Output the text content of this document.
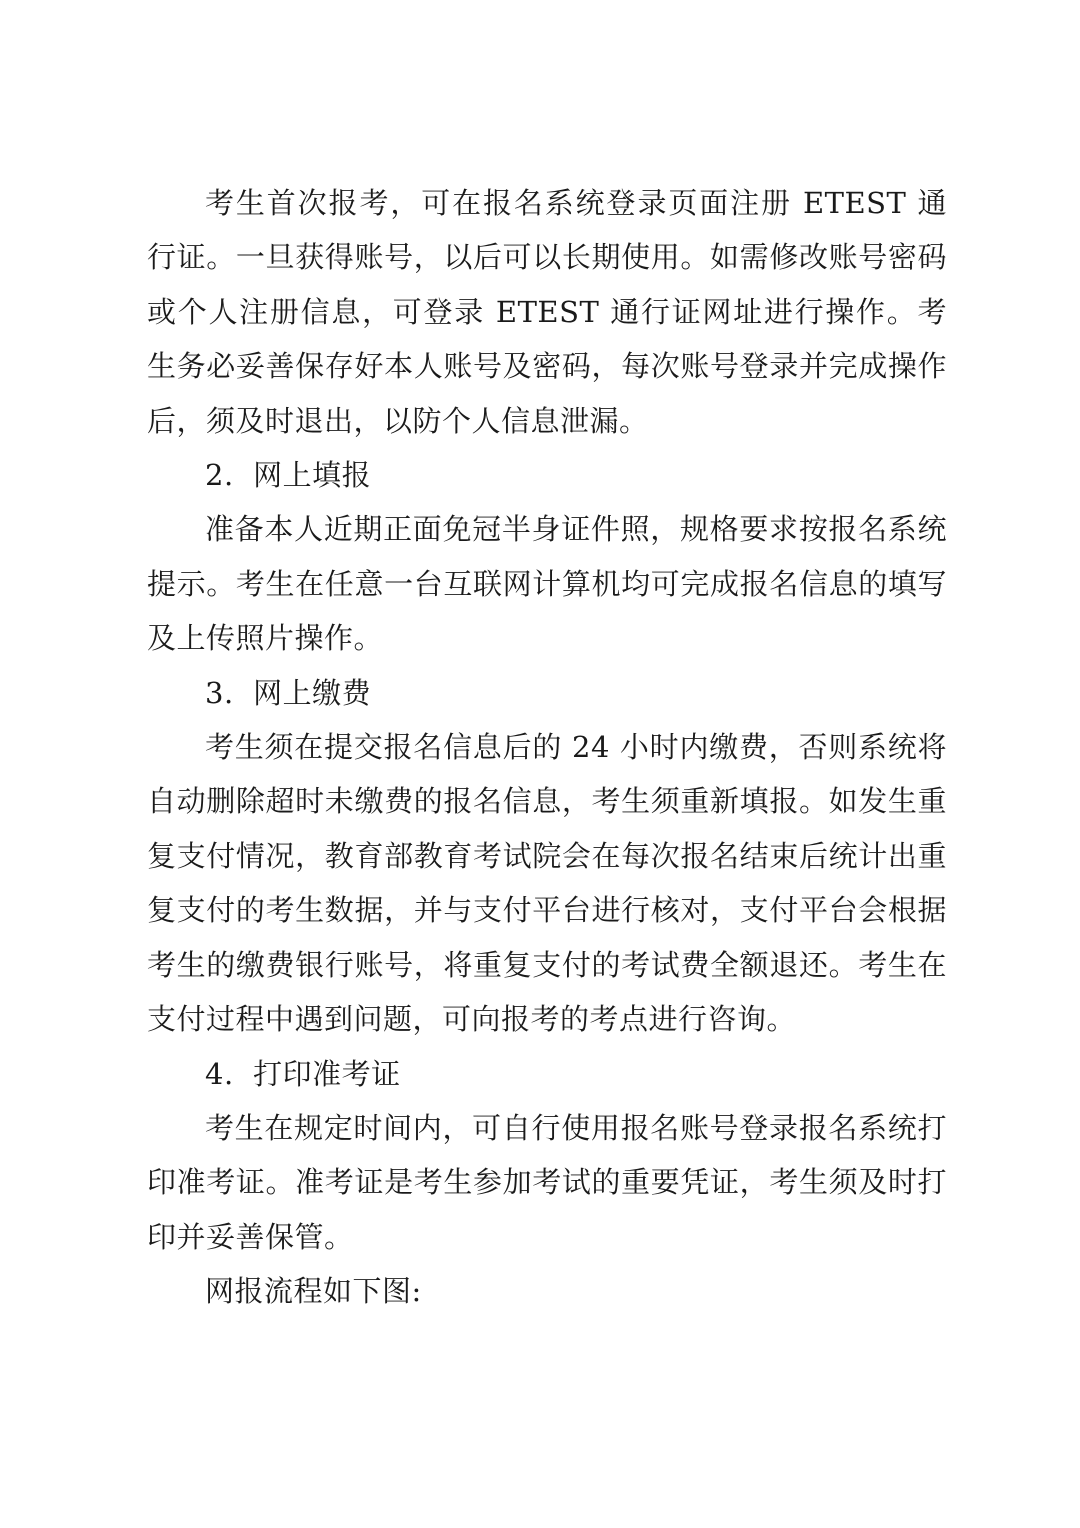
考生首次报考，可在报名系统登录页面注册 ETEST 通行证。一旦获得账号，以后可以长期使用。如需修改账号密码或个人注册信息，可登录 ETEST 通行证网址进行操作。考生务必妥善保存好本人账号及密码，每次账号登录并完成操作后，须及时退出，以防个人信息泄漏。

2.  网上填报

准备本人近期正面免冠半身证件照，规格要求按报名系统提示。考生在任意一台互联网计算机均可完成报名信息的填写及上传照片操作。

3.  网上缴费

考生须在提交报名信息后的 24 小时内缴费，否则系统将自动删除超时未缴费的报名信息，考生须重新填报。如发生重复支付情况，教育部教育考试院会在每次报名结束后统计出重复支付的考生数据，并与支付平台进行核对，支付平台会根据考生的缴费银行账号，将重复支付的考试费全额退还。考生在支付过程中遇到问题，可向报考的考点进行咨询。

4.  打印准考证

考生在规定时间内，可自行使用报名账号登录报名系统打印准考证。准考证是考生参加考试的重要凭证，考生须及时打印并妥善保管。

网报流程如下图:
